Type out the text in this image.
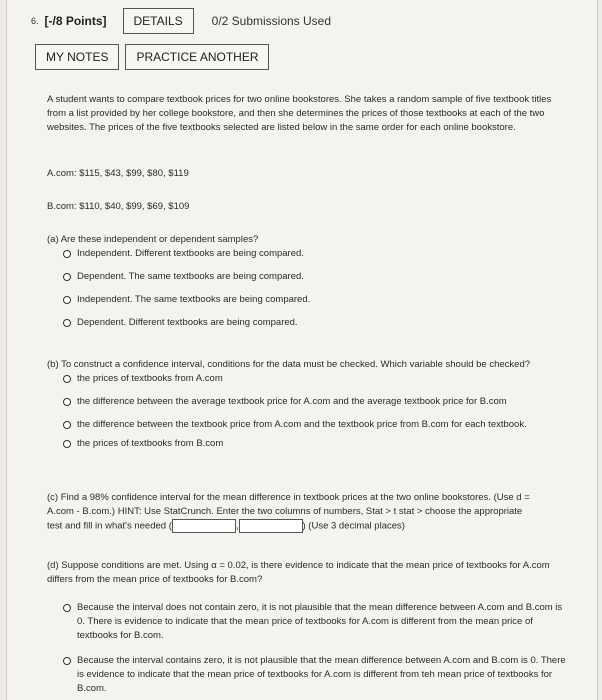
6. [-/8 Points]	DETAILS	0/2 Submissions Used
MY NOTES	PRACTICE ANOTHER

A student wants to compare textbook prices for two online bookstores. She takes a random sample of five textbook titles from a list provided by her college bookstore, and then she determines the prices of those textbooks at each of the two websites. The prices of the five textbooks selected are listed below in the same order for each online bookstore.

A.com: $115, $43, $99, $80, $119
B.com: $110, $40, $99, $69, $109

(a) Are these independent or dependent samples?

Independent. Different textbooks are being compared.
Dependent. The same textbooks are being compared.
Independent. The same textbooks are being compared.
Dependent. Different textbooks are being compared.

(b) To construct a confidence interval, conditions for the data must be checked. Which variable should be checked?

the prices of textbooks from A.com
the difference between the average textbook price for A.com and the average textbook price for B.com
the difference between the textbook price from A.com and the textbook price from B.com for each textbook.
the prices of textbooks from B.com
(c) Find a 98% confidence interval for the mean difference in textbook prices at the two online bookstores. (Use d =
A.com - B.com.) HINT: Use StatCrunch. Enter the two columns of numbers, Stat > t stat > choose the appropriate
test and fill in what's needed (	,	) (Use 3 decimal places)

(d) Suppose conditions are met. Using α = 0.02, is there evidence to indicate that the mean price of textbooks for A.com differs from the mean price of textbooks for B.com?

Because the interval does not contain zero, it is not plausible that the mean difference between A.com and B.com is 0. There is evidence to indicate that the mean price of textbooks for A.com is different from the mean price of textbooks for B.com.
Because the interval contains zero, it is not plausible that the mean difference between A.com and B.com is 0. There is evidence to indicate that the mean price of textbooks for A.com is different from teh mean price of textbooks for B.com.
